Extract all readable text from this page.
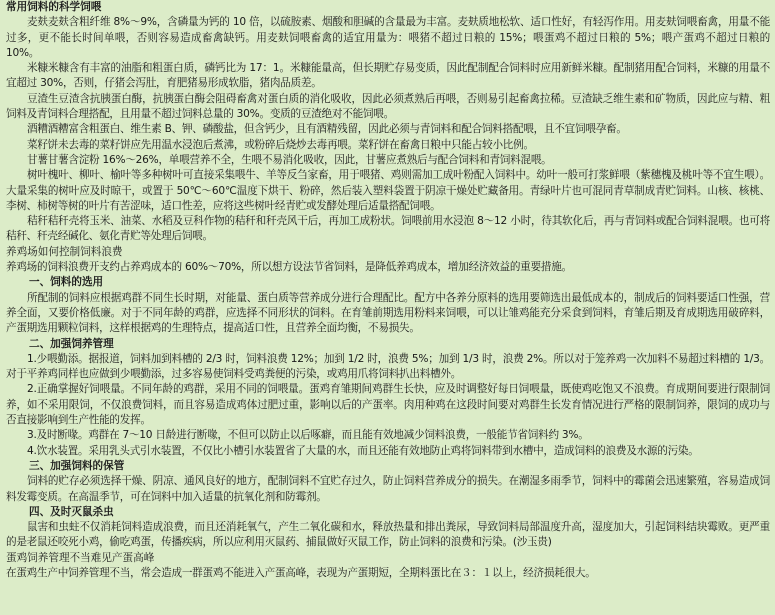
常用饲料的科学饲喂

麦麸麦麸含粗纤维 8%～9%，含磷量为钙的 10 倍，以硫胺素、烟酸和胆碱的含量最为丰富。麦麸质地松软、适口性好，有轻泻作用。用麦麸饲喂畜禽，用量不能过多，更不能长时间单喂，否则容易造成畜禽缺钙。用麦麸饲喂畜禽的适宜用量为：喂猪不超过日粮的 15%；喂蛋鸡不超过日粮的 5%；喂产蛋鸡不超过日粮的 10%。

米糠米糠含有丰富的油脂和粗蛋白质，磷钙比为 17：1。米糠能量高，但长期贮存易变质，因此配制配合饲料时应用新鲜米糠。配制猪用配合饲料，米糠的用量不宜超过 30%，否则，仔猪会泻肚，育肥猪易形成软脂，猪肉品质差。

豆渣生豆渣含抗胰蛋白酶，抗胰蛋白酶会阻碍畜禽对蛋白质的消化吸收，因此必须煮熟后再喂，否则易引起畜禽拉稀。豆渣缺乏维生素和矿物质，因此应与精、粗饲料及青饲料合理搭配，且用量不超过饲料总量的 30%。变质的豆渣绝对不能饲喂。

酒糟酒糟富含粗蛋白、维生素 B、钾、磷酸盐，但含钙少，且有酒精残留，因此必须与青饲料和配合饲料搭配喂，且不宜饲喂孕畜。

菜籽饼未去毒的菜籽饼应先用温水浸泡后煮沸，或粉碎后烧炒去毒再喂。菜籽饼在畜禽日粮中只能占较小比例。

甘薯甘薯含淀粉 16%～26%，单喂营养不全，生喂不易消化吸收，因此，甘薯应煮熟后与配合饲料和青饲料混喂。

树叶槐叶、柳叶、榆叶等多种树叶可直接采集喂牛、羊等反刍家畜，用于喂猪、鸡则需加工成叶粉配入饲料中。幼叶一般可打浆鲜喂（紫穗槐及桃叶等不宜生喂）。大量采集的树叶应及时晾干，或置于 50℃～60℃温度下烘干、粉碎，然后装入塑料袋置于阴凉干燥处贮藏备用。青绿叶片也可混同青草制成青贮饲料。山核、核桃、李树、柿树等树的叶片有苦涩味，适口性差，应将这些树叶经青贮或发酵处理后适量搭配饲喂。

秸秆秸秆壳将玉米、油菜、水稻及豆科作物的秸秆和秆壳风干后，再加工成粉状。饲喂前用水浸泡 8～12 小时，待其软化后，再与青饲料或配合饲料混喂。也可将秸秆、秆壳经碱化、氨化青贮等处理后饲喂。

养鸡场如何控制饲料浪费

养鸡场的饲料浪费开支约占养鸡成本的 60%～70%，所以想方设法节省饲料，是降低养鸡成本，增加经济效益的重要措施。

一、饲料的选用

所配制的饲料应根据鸡群不同生长时期，对能量、蛋白质等营养成分进行合理配比。配方中各养分原料的选用要筛选出最低成本的，制成后的饲料要适口性强，营养全面，又要价格低廉。对于不同年龄的鸡群，应选择不同形状的饲料。在育雏前期选用粉料来饲喂，可以让雏鸡能充分采食到饲料，育雏后期及育成期选用破碎料，产蛋期选用颗粒饲料，这样根据鸡的生理特点，提高适口性，且营养全面均衡，不易损失。

二、加强饲养管理

1.少喂勤添。据报道，饲料加到料槽的 2/3 时，饲料浪费 12%；加到 1/2 时，浪费 5%；加到 1/3 时，浪费 2%。所以对于笼养鸡一次加料不易超过料槽的 1/3。对于平养鸡同样也应做到少喂勤添，过多容易使饲料受鸡粪便的污染，或鸡用爪将饲料扒出料槽外。

2.正确掌握好饲喂量。不同年龄的鸡群，采用不同的饲喂量。蛋鸡育雏期间鸡群生长快，应及时调整好每日饲喂量，既使鸡吃饱又不浪费。育成期间要进行限制饲养，如不采用限饲，不仅浪费饲料，而且容易造成鸡体过肥过重，影响以后的产蛋率。肉用种鸡在这段时间要对鸡群生长发育情况进行严格的限制饲养，限饲的成功与否直接影响到生产性能的发挥。

3.及时断喙。鸡群在 7～10 日龄进行断喙，不但可以防止以后啄癖，而且能有效地减少饲料浪费，一般能节省饲料约 3%。

4.饮水装置。采用乳头式引水装置，不仅比小槽引水装置省了大量的水，而且还能有效地防止鸡将饲料带到水槽中，造成饲料的浪费及水源的污染。

三、加强饲料的保管

饲料的贮存必须选择干燥、阴凉、通风良好的地方，配制饲料不宜贮存过久，防止饲料营养成分的损失。在潮湿多雨季节，饲料中的霉菌会迅速繁殖，容易造成饲料发霉变质。在高温季节，可在饲料中加入适量的抗氧化剂和防霉剂。

四、及时灭鼠杀虫

鼠害和虫蛀不仅消耗饲料造成浪费，而且还消耗氧气，产生二氧化碳和水，释放热量和排出粪尿，导致饲料局部温度升高，湿度加大，引起饲料结块霉败。更严重的是老鼠还咬死小鸡，偷吃鸡蛋，传播疾病，所以应利用灭鼠药、捕鼠做好灭鼠工作，防止饲料的浪费和污染。(沙玉贵)

蛋鸡饲养管理不当难见产蛋高峰

在蛋鸡生产中饲养管理不当，常会造成一群蛋鸡不能进入产蛋高峰，表现为产蛋期短，全期料蛋比在３：１以上，经济损耗很大。
